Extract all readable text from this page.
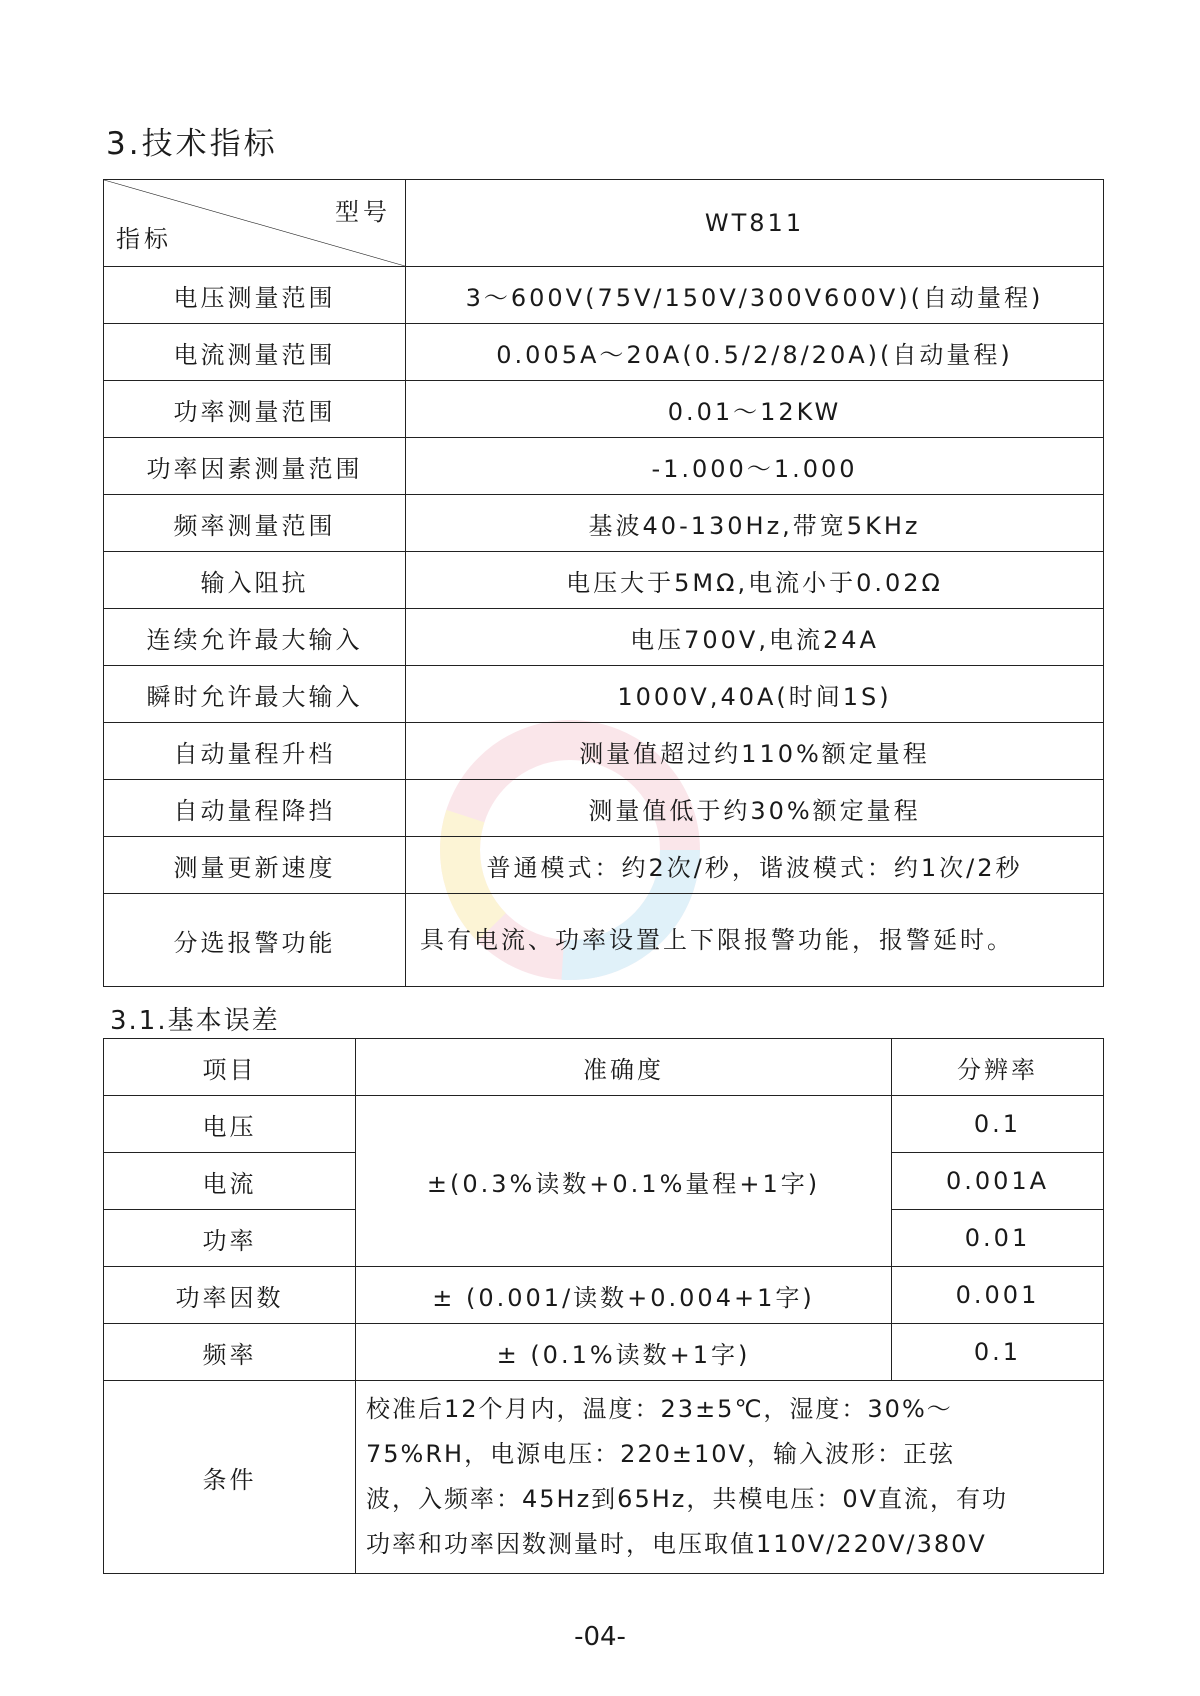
3.技术指标
型号
指标	WT811
电压测量范围	3～600V(75V/150V/300V600V)(自动量程)
电流测量范围	0.005A～20A(0.5/2/8/20A)(自动量程)
功率测量范围	0.01～12KW
功率因素测量范围	-1.000～1.000
频率测量范围	基波40-130Hz,带宽5KHz
输入阻抗	电压大于5MΩ,电流小于0.02Ω
连续允许最大输入	电压700V,电流24A
瞬时允许最大输入	1000V,40A(时间1S)
自动量程升档	测量值超过约110%额定量程
自动量程降挡	测量值低于约30%额定量程
测量更新速度	普通模式：约2次/秒，谐波模式：约1次/2秒
分选报警功能	具有电流、功率设置上下限报警功能，报警延时。
3.1.基本误差
项目	准确度	分辨率
电压	±(0.3%读数+0.1%量程+1字)	0.1
电流		0.001A
功率		0.01
功率因数	± (0.001/读数+0.004+1字)	0.001
频率	± (0.1%读数+1字)	0.1
条件	校准后12个月内，温度：23±5℃，湿度：30%～
75%RH，电源电压：220±10V，输入波形：正弦
波，入频率：45Hz到65Hz，共模电压：0V直流，有功
功率和功率因数测量时，电压取值110V/220V/380V	
-04-
